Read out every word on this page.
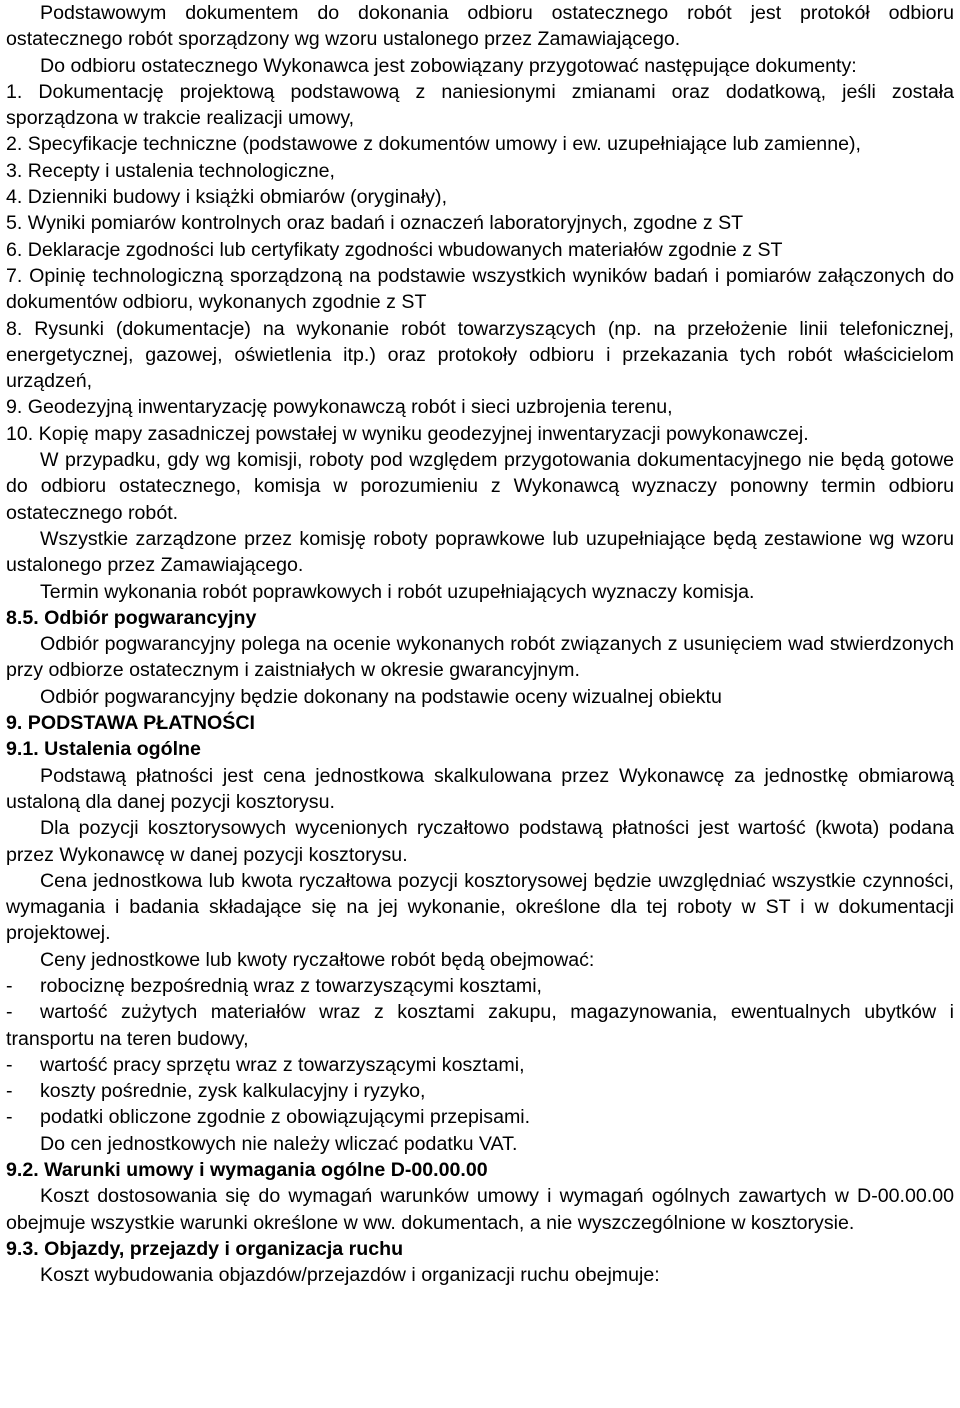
Podstawowym dokumentem do dokonania odbioru ostatecznego robót jest protokół odbioru ostatecznego robót sporządzony wg wzoru ustalonego przez Zamawiającego.
Do odbioru ostatecznego Wykonawca jest zobowiązany przygotować następujące dokumenty:
1. Dokumentację projektową podstawową z naniesionymi zmianami oraz dodatkową, jeśli została sporządzona w trakcie realizacji umowy,
2. Specyfikacje techniczne (podstawowe z dokumentów umowy i ew. uzupełniające lub zamienne),
3. Recepty i ustalenia technologiczne,
4. Dzienniki budowy i książki obmiarów (oryginały),
5. Wyniki pomiarów kontrolnych oraz badań i oznaczeń laboratoryjnych, zgodne z ST
6. Deklaracje zgodności lub certyfikaty zgodności wbudowanych materiałów zgodnie z ST
7. Opinię technologiczną sporządzoną na podstawie wszystkich wyników badań i pomiarów załączonych do dokumentów odbioru, wykonanych zgodnie z ST
8. Rysunki (dokumentacje) na wykonanie robót towarzyszących (np. na przełożenie linii telefonicznej, energetycznej, gazowej, oświetlenia itp.) oraz protokoły odbioru i przekazania tych robót właścicielom urządzeń,
9. Geodezyjną inwentaryzację powykonawczą robót i sieci uzbrojenia terenu,
10. Kopię mapy zasadniczej powstałej w wyniku geodezyjnej inwentaryzacji powykonawczej.
W przypadku, gdy wg komisji, roboty pod względem przygotowania dokumentacyjnego nie będą gotowe do odbioru ostatecznego, komisja w porozumieniu z Wykonawcą wyznaczy ponowny termin odbioru ostatecznego robót.
Wszystkie zarządzone przez komisję roboty poprawkowe lub uzupełniające będą zestawione wg wzoru ustalonego przez Zamawiającego.
Termin wykonania robót poprawkowych i robót uzupełniających wyznaczy komisja.
8.5. Odbiór pogwarancyjny
Odbiór pogwarancyjny polega na ocenie wykonanych robót związanych z usunięciem wad stwierdzonych przy odbiorze ostatecznym i zaistniałych w okresie gwarancyjnym.
Odbiór pogwarancyjny będzie dokonany na podstawie oceny wizualnej obiektu
9. PODSTAWA PŁATNOŚCI
9.1. Ustalenia ogólne
Podstawą płatności jest cena jednostkowa skalkulowana przez Wykonawcę za jednostkę obmiarową ustaloną dla danej pozycji kosztorysu.
Dla pozycji kosztorysowych wycenionych ryczałtowo podstawą płatności jest wartość (kwota) podana przez Wykonawcę w danej pozycji kosztorysu.
Cena jednostkowa lub kwota ryczałtowa pozycji kosztorysowej będzie uwzględniać wszystkie czynności, wymagania i badania składające się na jej wykonanie, określone dla tej roboty w ST i w dokumentacji projektowej.
Ceny jednostkowe lub kwoty ryczałtowe robót będą obejmować:
-	robociznę bezpośrednią wraz z towarzyszącymi kosztami,
- wartość zużytych materiałów wraz z kosztami zakupu, magazynowania, ewentualnych ubytków i transportu na teren budowy,
-	wartość pracy sprzętu wraz z towarzyszącymi kosztami,
-	koszty pośrednie, zysk kalkulacyjny i ryzyko,
-	podatki obliczone zgodnie z obowiązującymi przepisami.
Do cen jednostkowych nie należy wliczać podatku VAT.
9.2. Warunki umowy i wymagania ogólne D-00.00.00
Koszt dostosowania się do wymagań warunków umowy i wymagań ogólnych zawartych w D-00.00.00 obejmuje wszystkie warunki określone w ww. dokumentach, a nie wyszczególnione w kosztorysie.
9.3. Objazdy, przejazdy i organizacja ruchu
Koszt wybudowania objazdów/przejazdów i organizacji ruchu obejmuje:
